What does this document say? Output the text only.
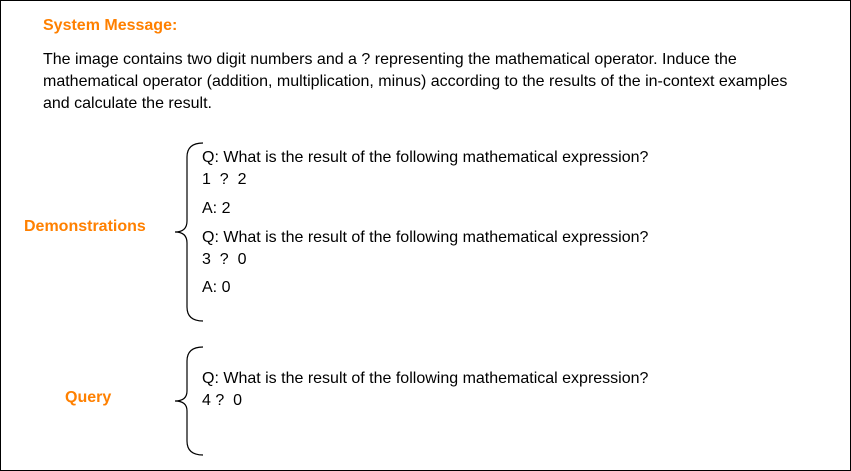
System Message:

The image contains two digit numbers and a ? representing the mathematical operator. Induce the mathematical operator (addition, multiplication, minus) according to the results of the in-context examples and calculate the result.

Demonstrations
Q: What is the result of the following mathematical expression?
1  ?  2
A: 2
Q: What is the result of the following mathematical expression?
3  ?  0
A: 0
Query
Q: What is the result of the following mathematical expression?
4 ?  0
